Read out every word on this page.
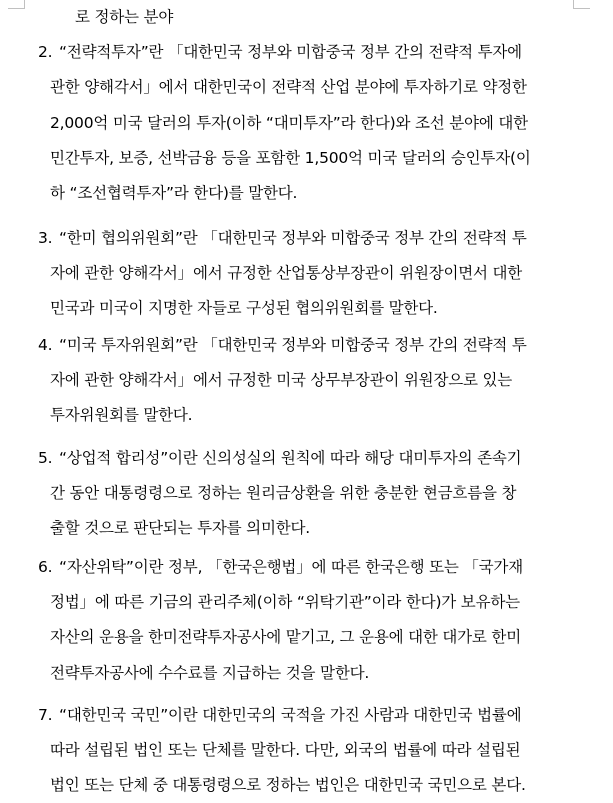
로 정하는 분야
2. “전략적투자”란 「대한민국 정부와 미합중국 정부 간의 전략적 투자에
관한 양해각서」에서 대한민국이 전략적 산업 분야에 투자하기로 약정한
2,000억 미국 달러의 투자(이하 “대미투자”라 한다)와 조선 분야에 대한
민간투자, 보증, 선박금융 등을 포함한 1,500억 미국 달러의 승인투자(이
하 “조선협력투자”라 한다)를 말한다.
3. “한미 협의위원회”란 「대한민국 정부와 미합중국 정부 간의 전략적 투
자에 관한 양해각서」에서 규정한 산업통상부장관이 위원장이면서 대한
민국과 미국이 지명한 자들로 구성된 협의위원회를 말한다.
4. “미국 투자위원회”란 「대한민국 정부와 미합중국 정부 간의 전략적 투
자에 관한 양해각서」에서 규정한 미국 상무부장관이 위원장으로 있는
투자위원회를 말한다.
5. “상업적 합리성”이란 신의성실의 원칙에 따라 해당 대미투자의 존속기
간 동안 대통령령으로 정하는 원리금상환을 위한 충분한 현금흐름을 창
출할 것으로 판단되는 투자를 의미한다.
6. “자산위탁”이란 정부, 「한국은행법」에 따른 한국은행 또는 「국가재
정법」에 따른 기금의 관리주체(이하 “위탁기관”이라 한다)가 보유하는
자산의 운용을 한미전략투자공사에 맡기고, 그 운용에 대한 대가로 한미
전략투자공사에 수수료를 지급하는 것을 말한다.
7. “대한민국 국민”이란 대한민국의 국적을 가진 사람과 대한민국 법률에
따라 설립된 법인 또는 단체를 말한다. 다만, 외국의 법률에 따라 설립된
법인 또는 단체 중 대통령령으로 정하는 법인은 대한민국 국민으로 본다.
